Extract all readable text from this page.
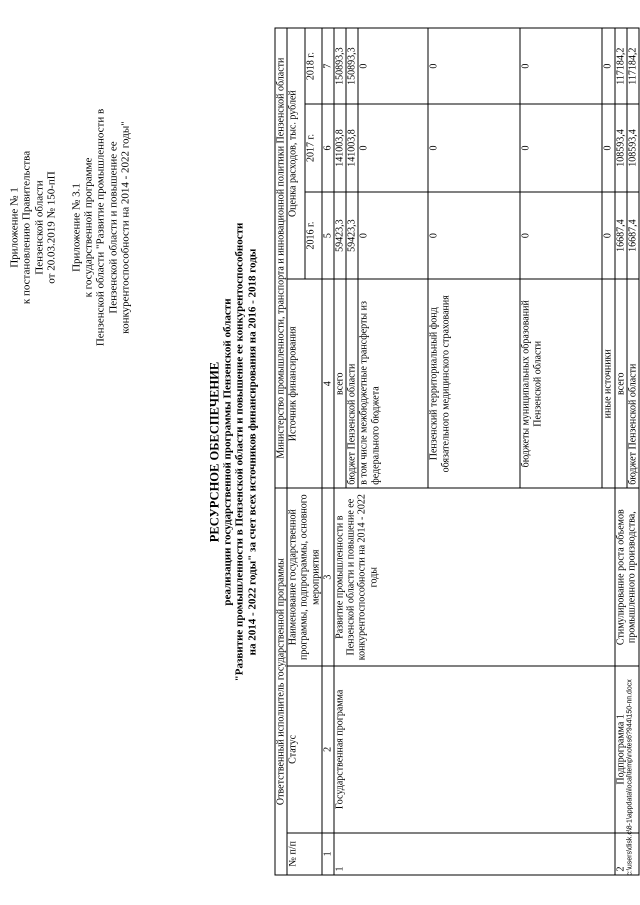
Приложение № 1 к постановлению Правительства Пензенской области от 20.03.2019 № 150-пП Приложение № 3.1 к государственной программе Пензенской области "Развитие промышленности в Пензенской области и повышение ее конкурентоспособности на 2014 - 2022 годы"
РЕСУРСНОЕ ОБЕСПЕЧЕНИЕ реализации государственной программы Пензенской области "Развитие промышленности в Пензенской области и повышение ее конкурентоспособности на 2014 - 2022 годы" за счет всех источников финансирования на 2016 - 2018 годы
Ответственный исполнитель государственной программы			Министерство промышленности, транспорта и инновационной политики Пензенской области			
№ п/п	Статус	Наименование государственной программы, подпрограммы, основного мероприятия	Источник финансирования	Оценка расходов, тыс. рублей		
				2016 г.	2017 г.	2018 г.
1	2	3	4	5	6	7
1	Государственная программа	Развитие промышленности в Пензенской области и повышение ее конкурентоспособности на 2014 - 2022 годы	всего	59423,3	141003,8	150893,3
			бюджет Пензенской области	59423,3	141003,8	150893,3
			в том числе межбюджетные трансферты из федерального бюджета	0	0	0
			Пензенский территориальный фонд обязательного медицинского страхования	0	0	0
			бюджеты муниципальных образований Пензенской области	0	0	0
			иные источники	0	0	0
2	Подпрограмма 1	Стимулирование роста объемов промышленного производства,	всего	16687,4	108593,4	117184,2
			бюджет Пензенской области	16687,4	108593,4	117184,2
c:\users\disk.c\8-1\appdata\local\temp\notes6?944\150-пп.docx
